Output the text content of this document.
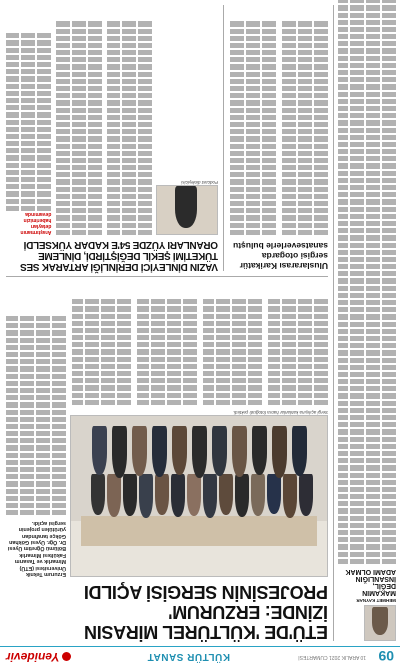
09
10 ARALIK 2021 CUMARTESİ
KÜLTÜR SANAT
Yenidevir
MEHMET KAYNAR
MAKAMIN DEĞİL,
İNSANLIĞIN
ADAMI OLMAK
ETÜ'DE 'KÜLTÜREL MİRASIN
İZİNDE: ERZURUM'
PROJESİNİN SERGİSİ AÇILDI
Sergi açılışına katılanlar hatıra fotoğrafı çektirdi.
Erzurum Teknik Üniversitesi (ETÜ) Mimarlık ve Tasarım Fakültesi Mimarlık Bölümü Öğretim Üyesi Dr. Öğr. Üyesi Gökhan Gökçe tarafından yürütülen projenin sergisi açıldı.
Uluslararası Karikatür
sergisi otogarda
sanatseverlerle buluştu
VAZIN DİNLEYİCİ DERİNLİĞİ ARTARAK SES
TÜKETİMİ ŞEKİL DEĞİŞTİRDİ, DİNLEME
ORANLARI YÜZDE 54'E KADAR YÜKSELDİ
Podcast dinleyicisi
Araştırmanın detayları haberimizin devamında
